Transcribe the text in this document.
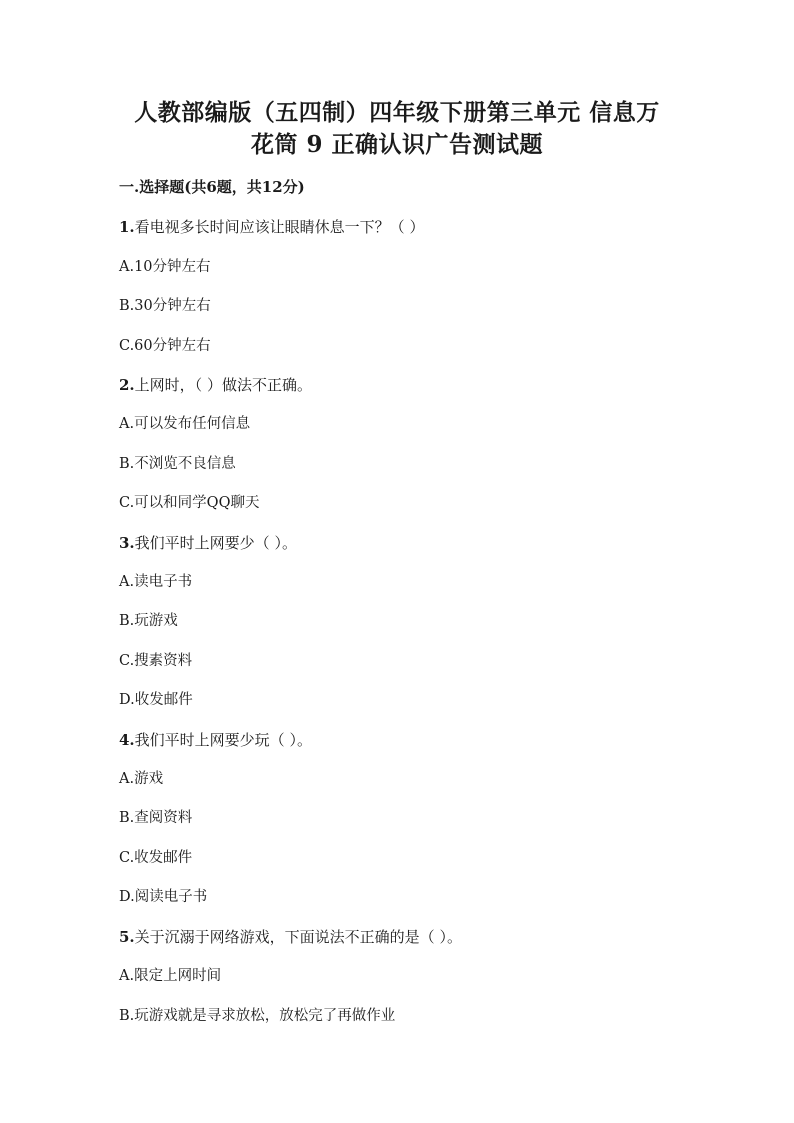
人教部编版（五四制）四年级下册第三单元 信息万
花筒 9 正确认识广告测试题
一.选择题(共6题，共12分)
1.看电视多长时间应该让眼睛休息一下？（ ）
A.10分钟左右
B.30分钟左右
C.60分钟左右
2.上网时，（ ）做法不正确。
A.可以发布任何信息
B.不浏览不良信息
C.可以和同学QQ聊天
3.我们平时上网要少（ ）。
A.读电子书
B.玩游戏
C.搜素资料
D.收发邮件
4.我们平时上网要少玩（ ）。
A.游戏
B.查阅资料
C.收发邮件
D.阅读电子书
5.关于沉溺于网络游戏，下面说法不正确的是（ ）。
A.限定上网时间
B.玩游戏就是寻求放松，放松完了再做作业
